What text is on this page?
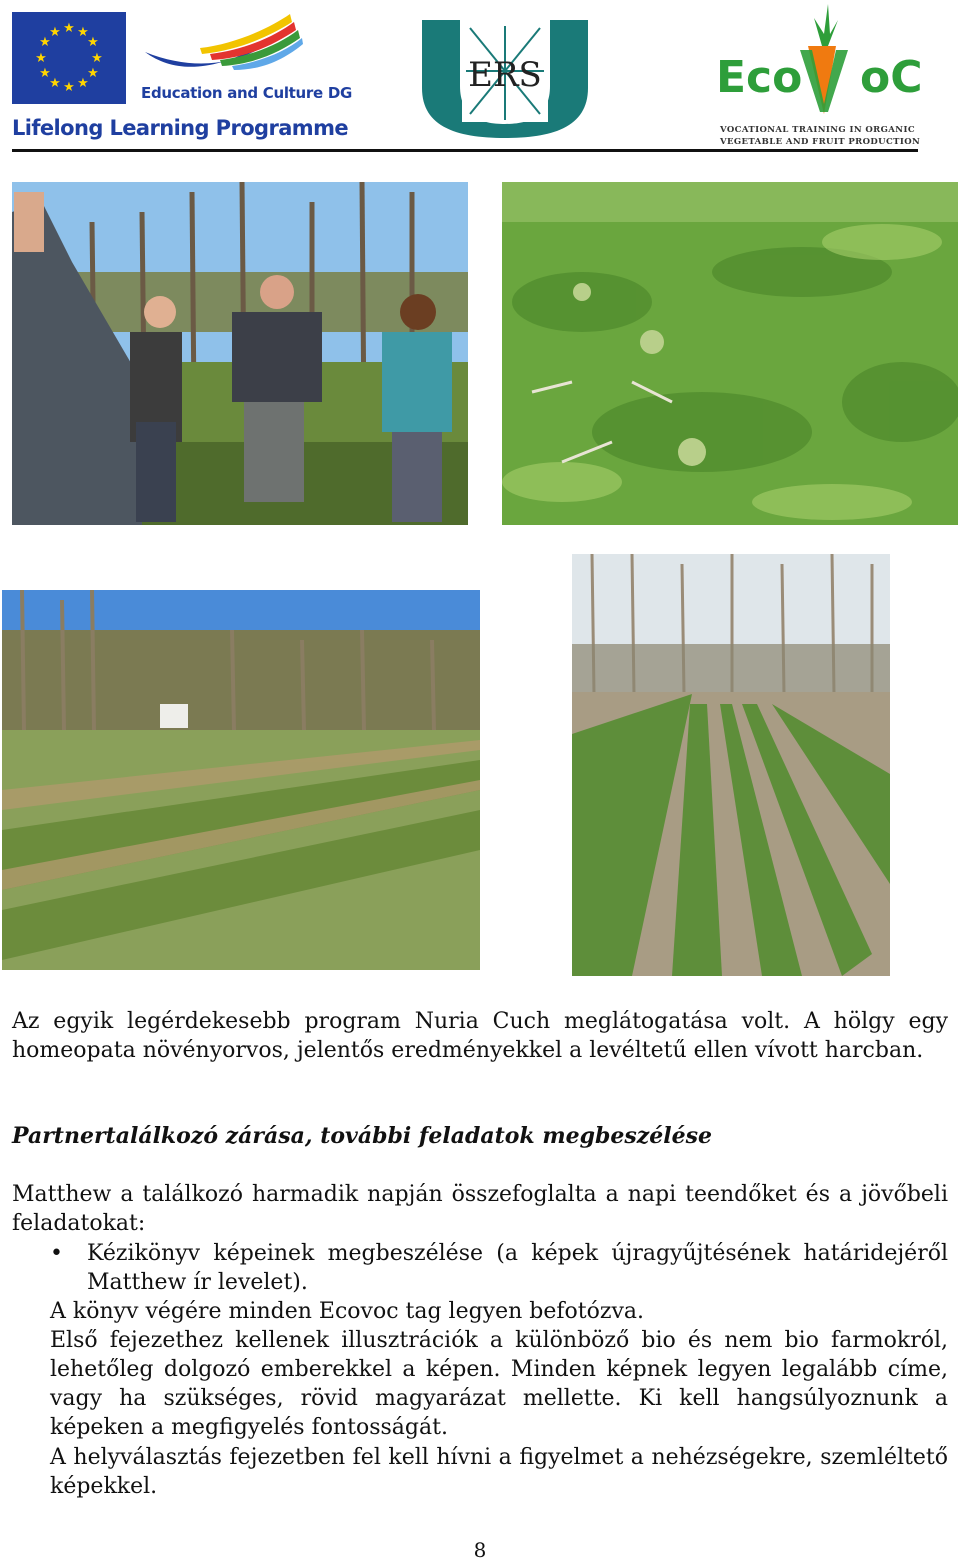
★ ★
★
★
★
★
★
★
★
★
★
★
Education and Culture DG
Lifelong Learning Programme
ERS	Eco oC
VOCATIONAL TRAINING IN ORGANIC VEGETABLE AND FRUIT PRODUCTION
Az egyik legérdekesebb program Nuria Cuch meglátogatása volt. A hölgy egy homeopata növényorvos, jelentős eredményekkel a levéltetű ellen vívott harcban.
Partnertalálkozó zárása, további feladatok megbeszélése
Matthew a találkozó harmadik napján összefoglalta a napi teendőket és a jövőbeli feladatokat:
•	Kézikönyv képeinek megbeszélése (a képek újragyűjtésének határidejéről Matthew ír levelet).
A könyv végére minden Ecovoc tag legyen befotózva.
Első fejezethez kellenek illusztrációk a különböző bio és nem bio farmokról, lehetőleg dolgozó emberekkel a képen. Minden képnek legyen legalább címe, vagy ha szükséges, rövid magyarázat mellette. Ki kell hangsúlyoznunk a képeken a megfigyelés fontosságát.
A helyválasztás fejezetben fel kell hívni a figyelmet a nehézségekre, szemléltető képekkel.
8
